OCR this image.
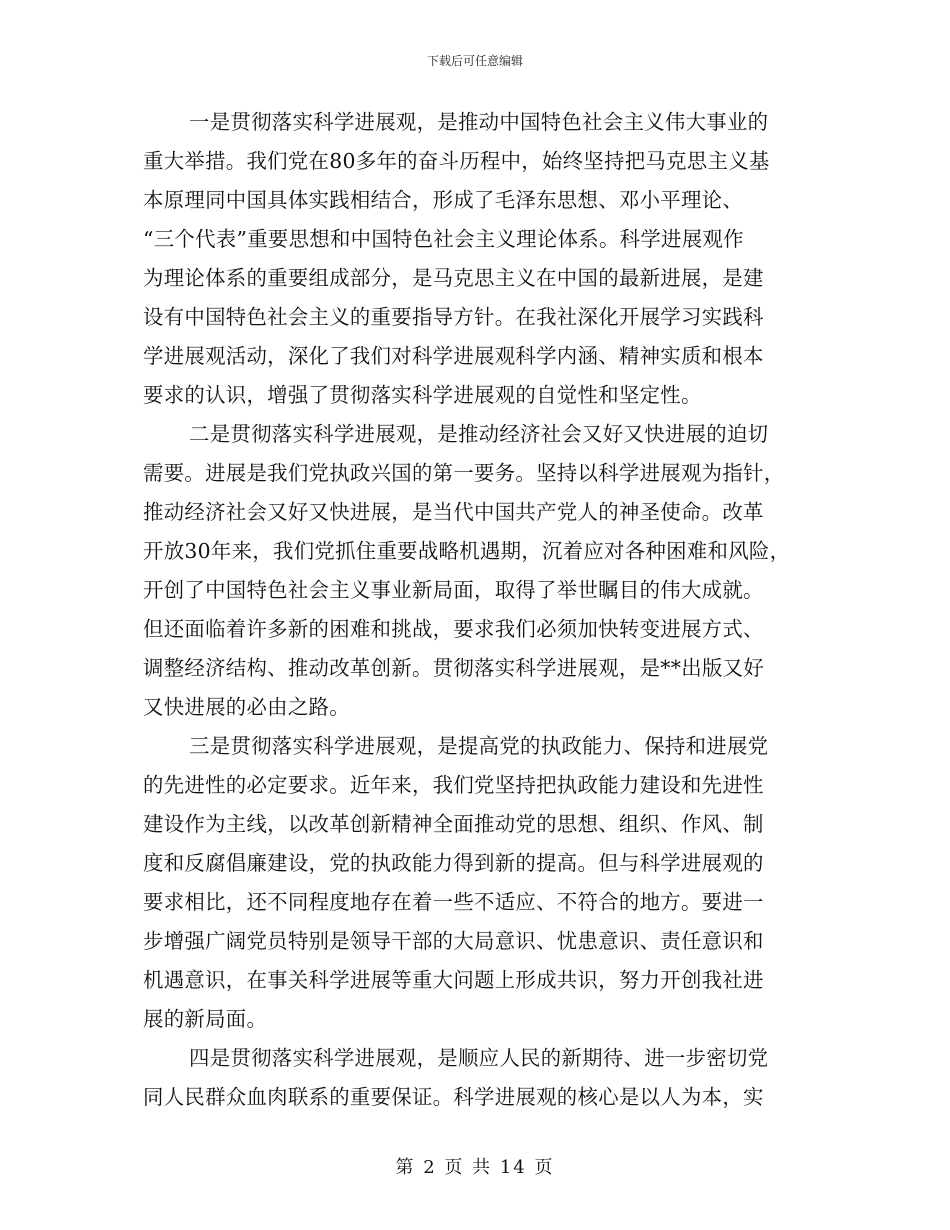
下载后可任意编辑
一是贯彻落实科学进展观，是推动中国特色社会主义伟大事业的
重大举措。我们党在80多年的奋斗历程中，始终坚持把马克思主义基
本原理同中国具体实践相结合，形成了毛泽东思想、邓小平理论、
“三个代表”重要思想和中国特色社会主义理论体系。科学进展观作
为理论体系的重要组成部分，是马克思主义在中国的最新进展，是建
设有中国特色社会主义的重要指导方针。在我社深化开展学习实践科
学进展观活动，深化了我们对科学进展观科学内涵、精神实质和根本
要求的认识，增强了贯彻落实科学进展观的自觉性和坚定性。
二是贯彻落实科学进展观，是推动经济社会又好又快进展的迫切
需要。进展是我们党执政兴国的第一要务。坚持以科学进展观为指针，
推动经济社会又好又快进展，是当代中国共产党人的神圣使命。改革
开放30年来，我们党抓住重要战略机遇期，沉着应对各种困难和风险，
开创了中国特色社会主义事业新局面，取得了举世瞩目的伟大成就。
但还面临着许多新的困难和挑战，要求我们必须加快转变进展方式、
调整经济结构、推动改革创新。贯彻落实科学进展观，是**出版又好
又快进展的必由之路。
三是贯彻落实科学进展观，是提高党的执政能力、保持和进展党
的先进性的必定要求。近年来，我们党坚持把执政能力建设和先进性
建设作为主线，以改革创新精神全面推动党的思想、组织、作风、制
度和反腐倡廉建设，党的执政能力得到新的提高。但与科学进展观的
要求相比，还不同程度地存在着一些不适应、不符合的地方。要进一
步增强广阔党员特别是领导干部的大局意识、忧患意识、责任意识和
机遇意识，在事关科学进展等重大问题上形成共识，努力开创我社进
展的新局面。
四是贯彻落实科学进展观，是顺应人民的新期待、进一步密切党
同人民群众血肉联系的重要保证。科学进展观的核心是以人为本，实
第 2 页 共 14 页
